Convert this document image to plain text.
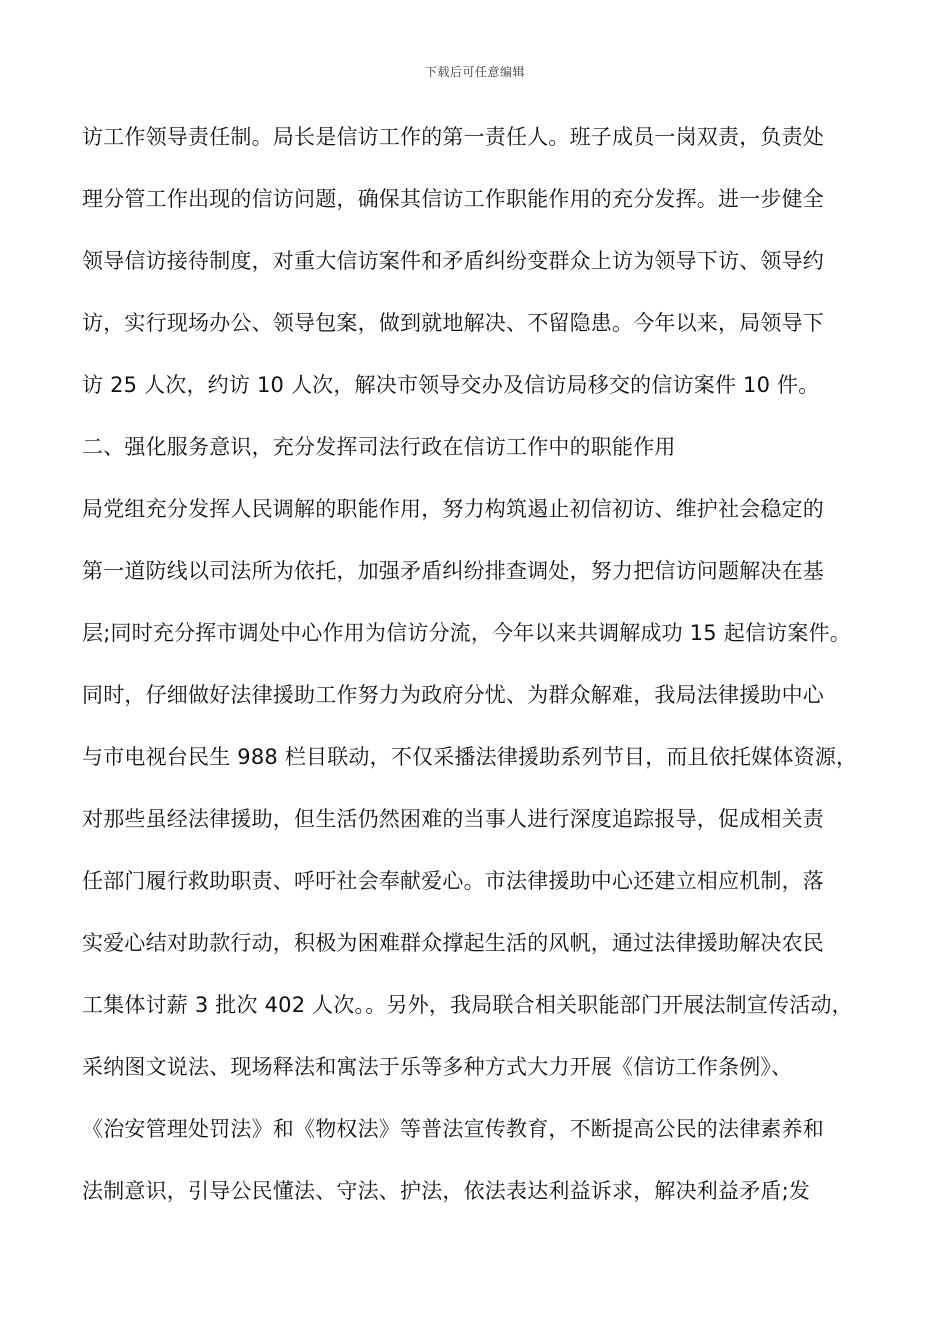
下载后可任意编辑
访工作领导责任制。局长是信访工作的第一责任人。班子成员一岗双责，负责处
理分管工作出现的信访问题，确保其信访工作职能作用的充分发挥。进一步健全
领导信访接待制度，对重大信访案件和矛盾纠纷变群众上访为领导下访、领导约
访，实行现场办公、领导包案，做到就地解决、不留隐患。今年以来，局领导下
访 25 人次，约访 10 人次，解决市领导交办及信访局移交的信访案件 10 件。
二、强化服务意识，充分发挥司法行政在信访工作中的职能作用
局党组充分发挥人民调解的职能作用，努力构筑遏止初信初访、维护社会稳定的
第一道防线以司法所为依托，加强矛盾纠纷排查调处，努力把信访问题解决在基
层;同时充分挥市调处中心作用为信访分流，今年以来共调解成功 15 起信访案件。
同时，仔细做好法律援助工作努力为政府分忧、为群众解难，我局法律援助中心
与市电视台民生 988 栏目联动，不仅采播法律援助系列节目，而且依托媒体资源，
对那些虽经法律援助，但生活仍然困难的当事人进行深度追踪报导，促成相关责
任部门履行救助职责、呼吁社会奉献爱心。市法律援助中心还建立相应机制，落
实爱心结对助款行动，积极为困难群众撑起生活的风帆，通过法律援助解决农民
工集体讨薪 3 批次 402 人次。。另外，我局联合相关职能部门开展法制宣传活动，
采纳图文说法、现场释法和寓法于乐等多种方式大力开展《信访工作条例》、
《治安管理处罚法》和《物权法》等普法宣传教育，不断提高公民的法律素养和
法制意识，引导公民懂法、守法、护法，依法表达利益诉求，解决利益矛盾;发
